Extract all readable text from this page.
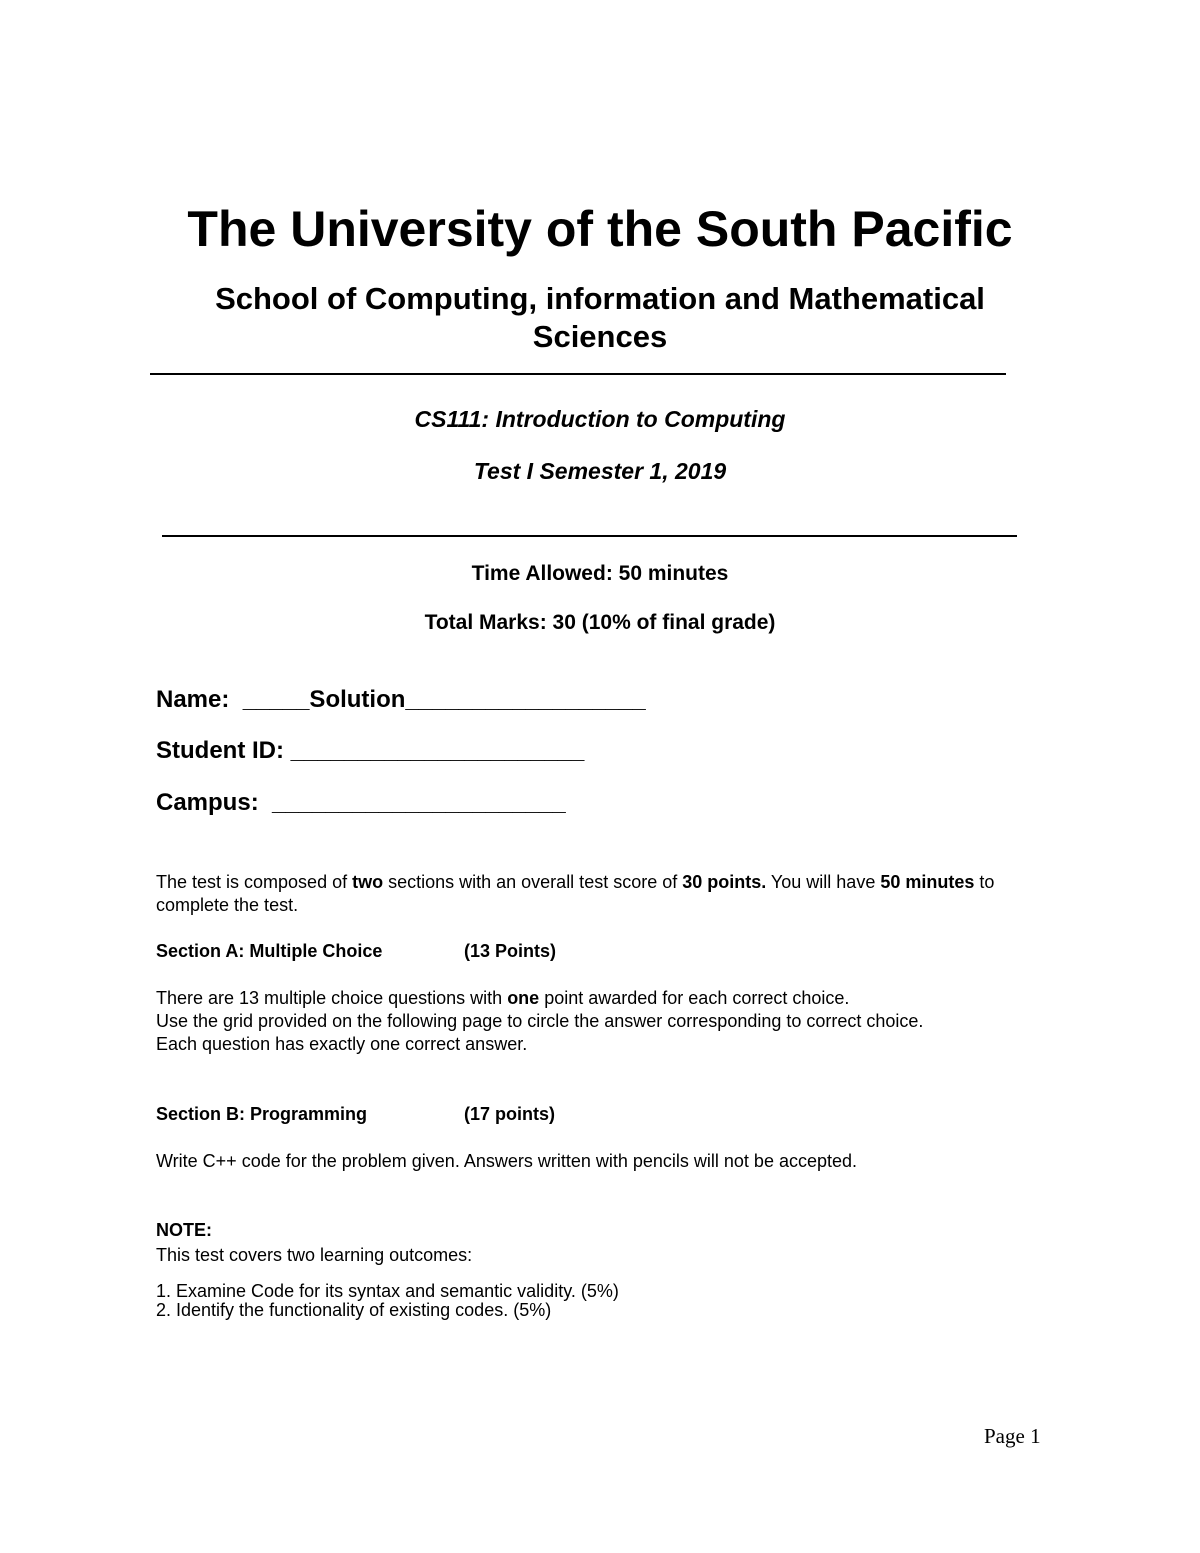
The University of the South Pacific
School of Computing, information and Mathematical
Sciences
CS111: Introduction to Computing
Test I Semester 1, 2019
Time Allowed: 50 minutes
Total Marks: 30 (10% of final grade)
Name:  _____Solution__________________
Student ID: ______________________
Campus:  ______________________
The test is composed of two sections with an overall test score of 30 points. You will have 50 minutes to complete the test.
Section A: Multiple Choice	(13 Points)
There are 13 multiple choice questions with one point awarded for each correct choice.
Use the grid provided on the following page to circle the answer corresponding to correct choice.
Each question has exactly one correct answer.
Section B: Programming	(17 points)
Write C++ code for the problem given. Answers written with pencils will not be accepted.
NOTE:
This test covers two learning outcomes:
1. Examine Code for its syntax and semantic validity. (5%)
2. Identify the functionality of existing codes. (5%)
Page 1
